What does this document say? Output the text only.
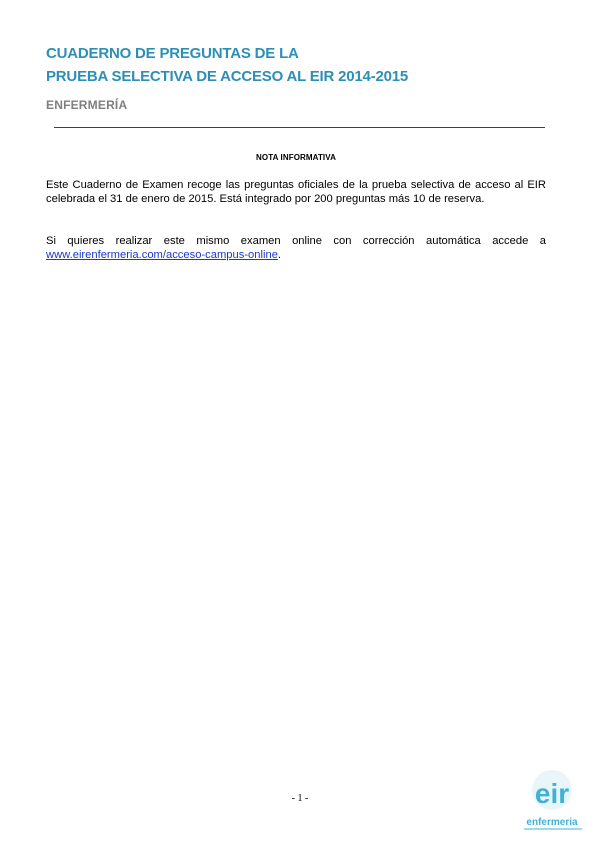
CUADERNO DE PREGUNTAS DE LA
PRUEBA SELECTIVA DE ACCESO AL EIR 2014-2015
ENFERMERÍA
NOTA INFORMATIVA
Este Cuaderno de Examen recoge las preguntas oficiales de la prueba selectiva de acceso al EIR celebrada el 31 de enero de 2015. Está integrado por 200 preguntas más 10 de reserva.
Si quieres realizar este mismo examen online con corrección automática accede a www.eirenfermeria.com/acceso-campus-online.
- 1 -	eir
enfermeria
